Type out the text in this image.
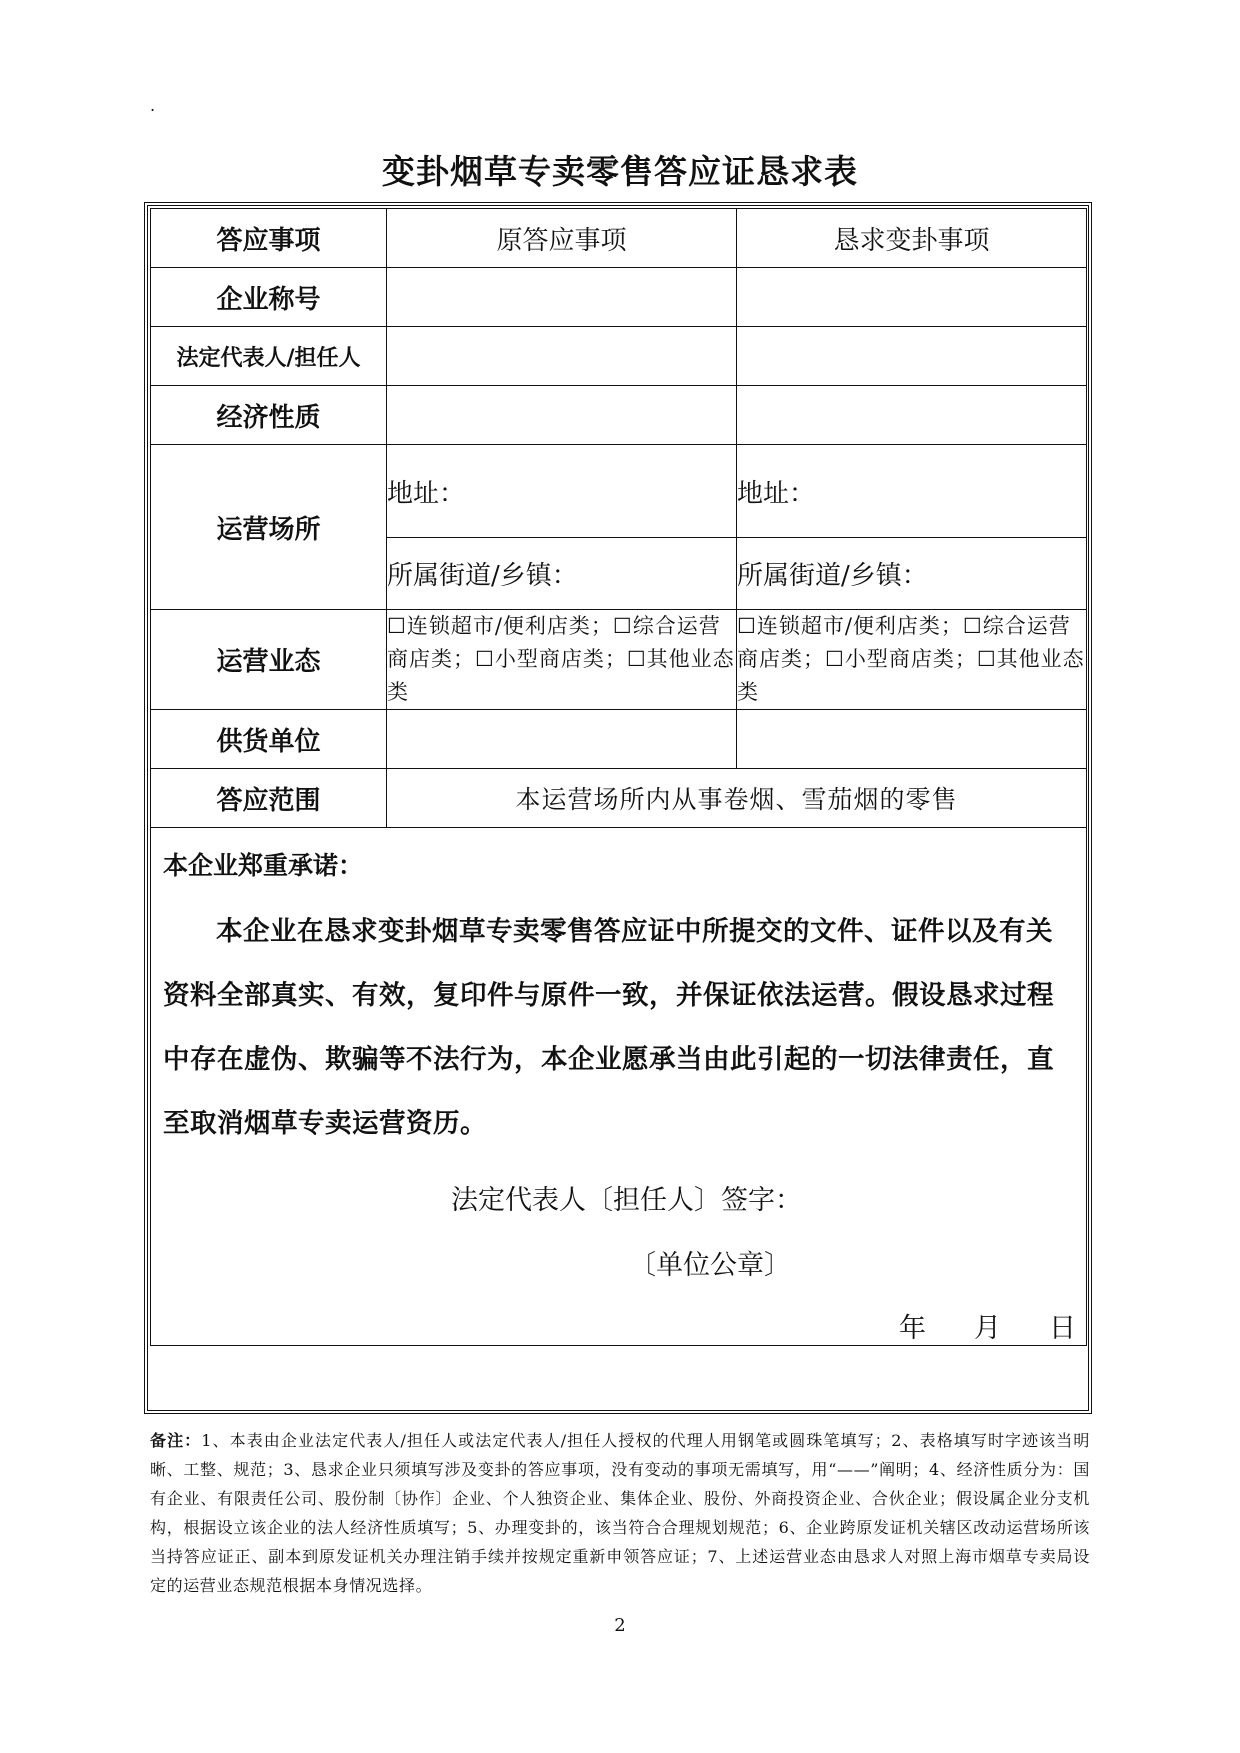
.
变卦烟草专卖零售答应证恳求表
答应事项	原答应事项	恳求变卦事项
企业称号		
法定代表人/担任人		
经济性质		
运营场所	地址：	地址：
	所属街道/乡镇：	所属街道/乡镇：
运营业态	☐连锁超市/便利店类；☐综合运营商店类；☐小型商店类；☐其他业态类	☐连锁超市/便利店类；☐综合运营商店类；☐小型商店类；☐其他业态类
供货单位		
答应范围	本运营场所内从事卷烟、雪茄烟的零售	

本企业郑重承诺：
本企业在恳求变卦烟草专卖零售答应证中所提交的文件、证件以及有关资料全部真实、有效，复印件与原件一致，并保证依法运营。假设恳求过程中存在虚伪、欺骗等不法行为，本企业愿承当由此引起的一切法律责任，直至取消烟草专卖运营资历。
法定代表人〔担任人〕签字：
〔单位公章〕
年 月 日		
备注：1、本表由企业法定代表人/担任人或法定代表人/担任人授权的代理人用钢笔或圆珠笔填写；2、表格填写时字迹该当明晰、工整、规范；3、恳求企业只须填写涉及变卦的答应事项，没有变动的事项无需填写，用“——”阐明；4、经济性质分为：国有企业、有限责任公司、股份制〔协作〕企业、个人独资企业、集体企业、股份、外商投资企业、合伙企业；假设属企业分支机构，根据设立该企业的法人经济性质填写；5、办理变卦的，该当符合合理规划规范；6、企业跨原发证机关辖区改动运营场所该当持答应证正、副本到原发证机关办理注销手续并按规定重新申领答应证；7、上述运营业态由恳求人对照上海市烟草专卖局设定的运营业态规范根据本身情况选择。
2
